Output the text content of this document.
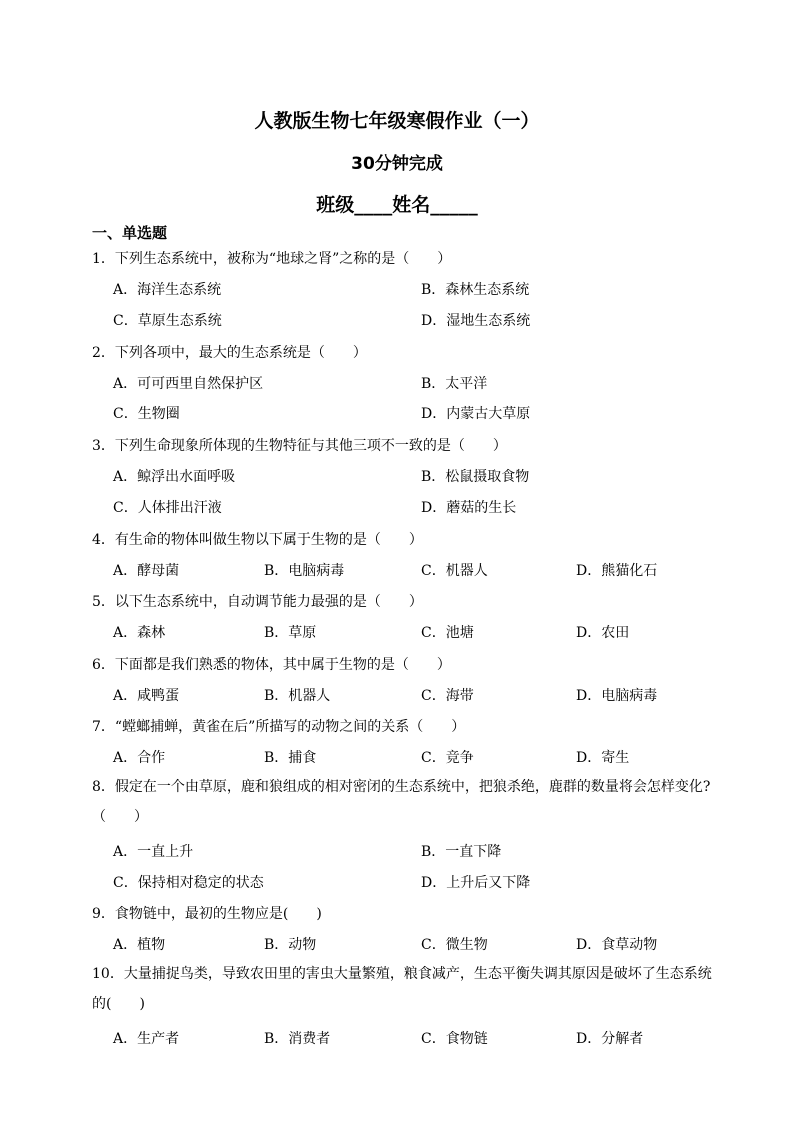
人教版生物七年级寒假作业（一）
30分钟完成
班级____姓名_____
一、单选题
1．下列生态系统中，被称为“地球之肾”之称的是（　　）
A．海洋生态系统	B．森林生态系统
C．草原生态系统	D．湿地生态系统
2．下列各项中，最大的生态系统是（　　）
A．可可西里自然保护区	B．太平洋
C．生物圈	D．内蒙古大草原
3．下列生命现象所体现的生物特征与其他三项不一致的是（　　）
A．鲸浮出水面呼吸	B．松鼠摄取食物
C．人体排出汗液	D．蘑菇的生长
4．有生命的物体叫做生物以下属于生物的是（　　）
A．酵母菌	B．电脑病毒	C．机器人	D．熊猫化石
5．以下生态系统中，自动调节能力最强的是（　　）
A．森林	B．草原	C．池塘	D．农田
6．下面都是我们熟悉的物体，其中属于生物的是（　　）
A．咸鸭蛋	B．机器人	C．海带	D．电脑病毒
7．“螳螂捕蝉，黄雀在后”所描写的动物之间的关系（　　）
A．合作	B．捕食	C．竞争	D．寄生
8．假定在一个由草原，鹿和狼组成的相对密闭的生态系统中，把狼杀绝，鹿群的数量将会怎样变化?（　　）
A．一直上升	B．一直下降
C．保持相对稳定的状态	D．上升后又下降
9．食物链中，最初的生物应是(　　)
A．植物	B．动物	C．微生物	D．食草动物
10．大量捕捉鸟类，导致农田里的害虫大量繁殖，粮食减产，生态平衡失调其原因是破坏了生态系统的(　　)
A．生产者	B．消费者	C．食物链	D．分解者
